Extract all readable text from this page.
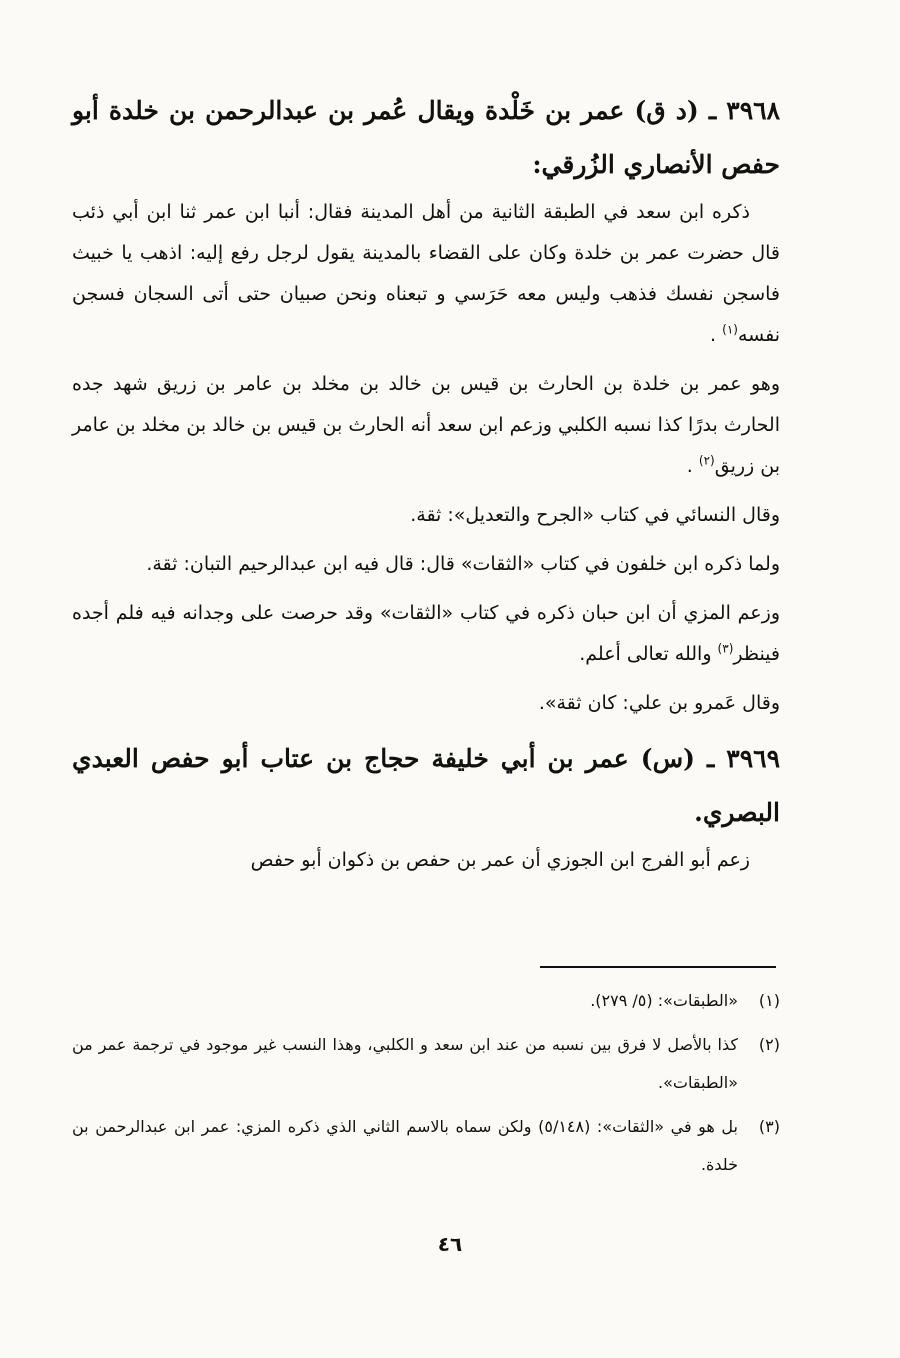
٣٩٦٨ ـ (د ق) عمر بن خَلْدة ويقال عُمر بن عبدالرحمن بن خلدة أبو حفص الأنصاري الزُرقي:

ذكره ابن سعد في الطبقة الثانية من أهل المدينة فقال: أنبا ابن عمر ثنا ابن أبي ذئب قال حضرت عمر بن خلدة وكان على القضاء بالمدينة يقول لرجل رفع إليه: اذهب يا خبيث فاسجن نفسك فذهب وليس معه حَرَسي و تبعناه ونحن صبيان حتى أتى السجان فسجن نفسه$^{(١)}$ .

وهو عمر بن خلدة بن الحارث بن قيس بن خالد بن مخلد بن عامر بن زريق شهد جده الحارث بدرًا كذا نسبه الكلبي وزعم ابن سعد أنه الحارث بن قيس بن خالد بن مخلد بن عامر بن زريق$^{(٢)}$ .

وقال النسائي في كتاب «الجرح والتعديل»: ثقة.

ولما ذكره ابن خلفون في كتاب «الثقات» قال: قال فيه ابن عبدالرحيم التبان: ثقة.

وزعم المزي أن ابن حبان ذكره في كتاب «الثقات» وقد حرصت على وجدانه فيه فلم أجده فينظر$^{(٣)}$ والله تعالى أعلم.

وقال عَمرو بن علي: كان ثقة».

٣٩٦٩ ـ (س) عمر بن أبي خليفة حجاج بن عتاب أبو حفص العبدي البصري.

زعم أبو الفرج ابن الجوزي أن عمر بن حفص بن ذكوان أبو حفص

(١)
«الطبقات»: (٥/ ٢٧٩).
(٢)
كذا بالأصل لا فرق بين نسبه من عند ابن سعد و الكلبي، وهذا النسب غير موجود في ترجمة عمر من «الطبقات».
(٣)
بل هو في «الثقات»: (٥/١٤٨) ولكن سماه بالاسم الثاني الذي ذكره المزي: عمر ابن عبدالرحمن بن خلدة.
٤٦
